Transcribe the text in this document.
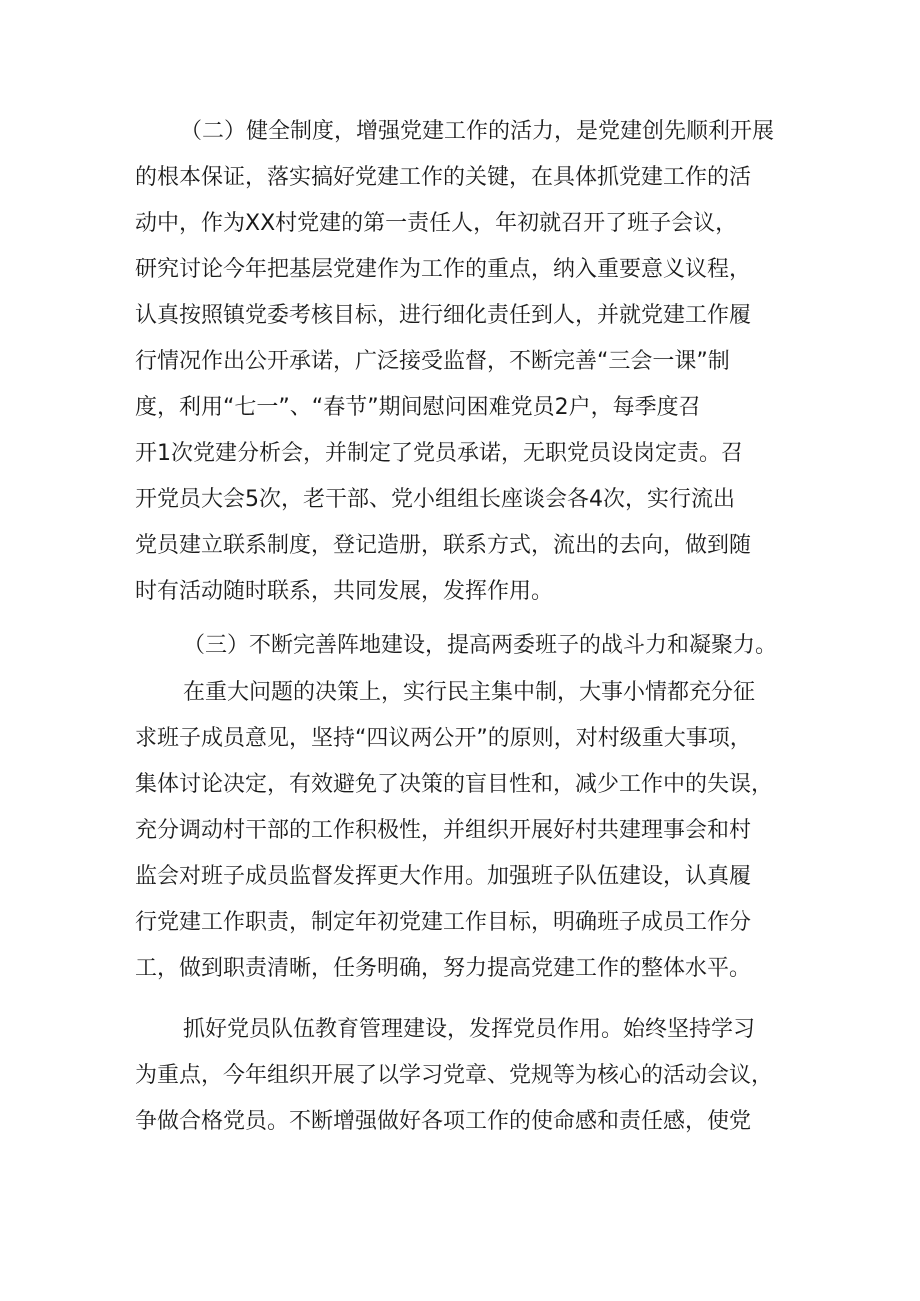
（二）健全制度，增强党建工作的活力，是党建创先顺利开展
的根本保证，落实搞好党建工作的关键，在具体抓党建工作的活
动中，作为XX村党建的第一责任人，年初就召开了班子会议，
研究讨论今年把基层党建作为工作的重点，纳入重要意义议程，
认真按照镇党委考核目标，进行细化责任到人，并就党建工作履
行情况作出公开承诺，广泛接受监督，不断完善“三会一课”制
度，利用“七一”、“春节”期间慰问困难党员2户，每季度召
开1次党建分析会，并制定了党员承诺，无职党员设岗定责。召
开党员大会5次，老干部、党小组组长座谈会各4次，实行流出
党员建立联系制度，登记造册，联系方式，流出的去向，做到随
时有活动随时联系，共同发展，发挥作用。
（三）不断完善阵地建设，提高两委班子的战斗力和凝聚力。
在重大问题的决策上，实行民主集中制，大事小情都充分征
求班子成员意见，坚持“四议两公开”的原则，对村级重大事项，
集体讨论决定，有效避免了决策的盲目性和，减少工作中的失误，
充分调动村干部的工作积极性，并组织开展好村共建理事会和村
监会对班子成员监督发挥更大作用。加强班子队伍建设，认真履
行党建工作职责，制定年初党建工作目标，明确班子成员工作分
工，做到职责清晰，任务明确，努力提高党建工作的整体水平。
抓好党员队伍教育管理建设，发挥党员作用。始终坚持学习
为重点，今年组织开展了以学习党章、党规等为核心的活动会议，
争做合格党员。不断增强做好各项工作的使命感和责任感，使党
